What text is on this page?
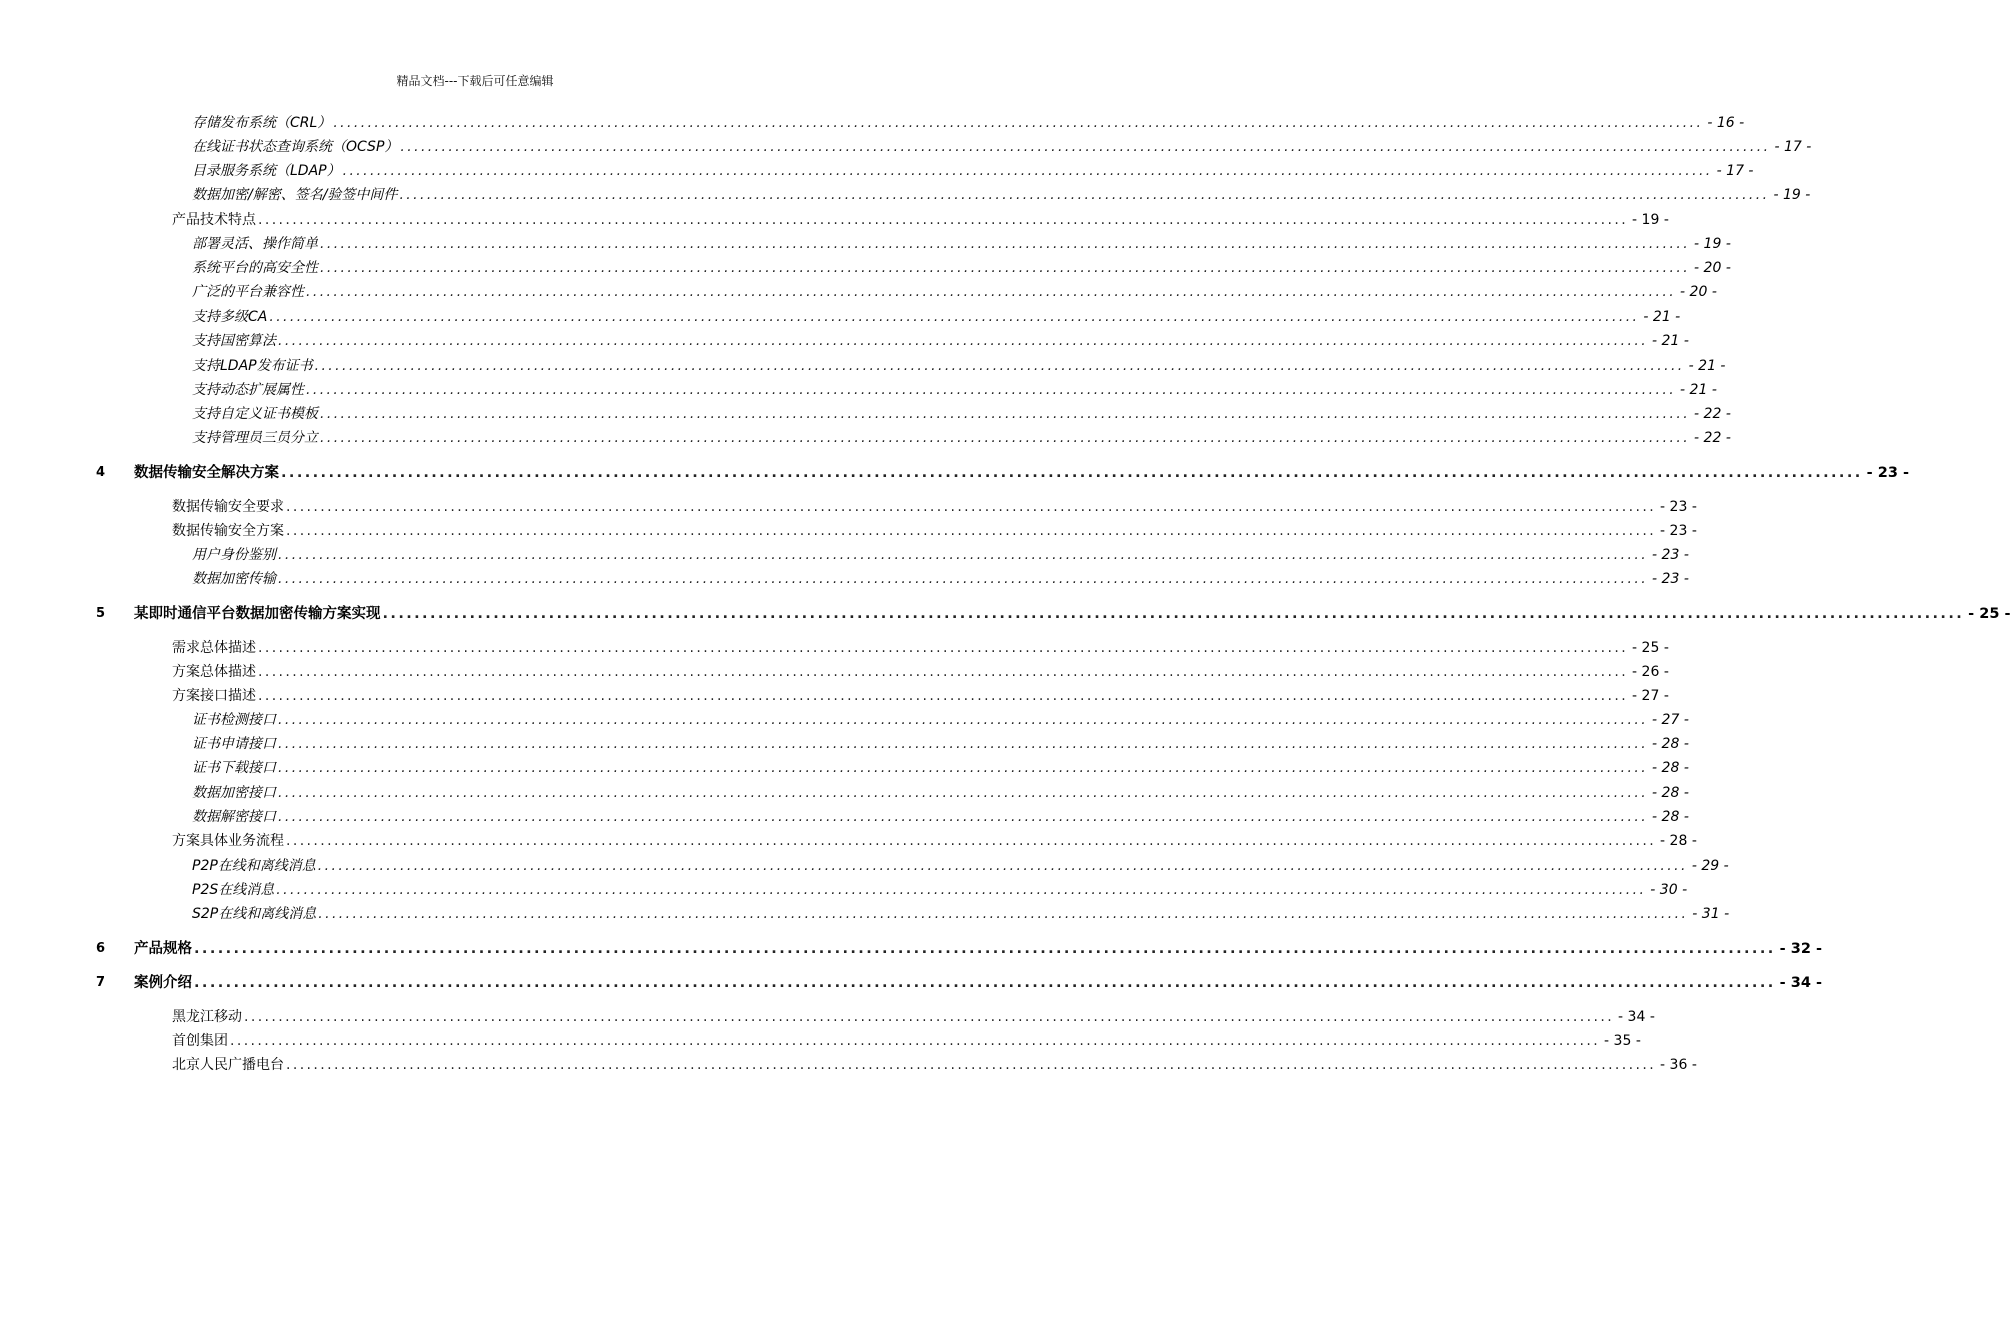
精品文档---下载后可任意编辑
存储发布系统（CRL） ........................................................................................................................................................................................................ - 16 -
在线证书状态查询系统（OCSP） ........................................................................................................................................................................................................ - 17 -
目录服务系统（LDAP） ........................................................................................................................................................................................................ - 17 -
数据加密/解密、签名/验签中间件 ........................................................................................................................................................................................................ - 19 -
产品技术特点 ........................................................................................................................................................................................................ - 19 -
部署灵活、操作简单 ........................................................................................................................................................................................................ - 19 -
系统平台的高安全性 ........................................................................................................................................................................................................ - 20 -
广泛的平台兼容性 ........................................................................................................................................................................................................ - 20 -
支持多级CA ........................................................................................................................................................................................................ - 21 -
支持国密算法 ........................................................................................................................................................................................................ - 21 -
支持LDAP发布证书 ........................................................................................................................................................................................................ - 21 -
支持动态扩展属性 ........................................................................................................................................................................................................ - 21 -
支持自定义证书模板 ........................................................................................................................................................................................................ - 22 -
支持管理员三员分立 ........................................................................................................................................................................................................ - 22 -
4 数据传输安全解决方案 ........................................................................................................................................................................................................ - 23 -
数据传输安全要求 ........................................................................................................................................................................................................ - 23 -
数据传输安全方案 ........................................................................................................................................................................................................ - 23 -
用户身份鉴别 ........................................................................................................................................................................................................ - 23 -
数据加密传输 ........................................................................................................................................................................................................ - 23 -
5 某即时通信平台数据加密传输方案实现 ........................................................................................................................................................................................................ - 25 -
需求总体描述 ........................................................................................................................................................................................................ - 25 -
方案总体描述 ........................................................................................................................................................................................................ - 26 -
方案接口描述 ........................................................................................................................................................................................................ - 27 -
证书检测接口 ........................................................................................................................................................................................................ - 27 -
证书申请接口 ........................................................................................................................................................................................................ - 28 -
证书下载接口 ........................................................................................................................................................................................................ - 28 -
数据加密接口 ........................................................................................................................................................................................................ - 28 -
数据解密接口 ........................................................................................................................................................................................................ - 28 -
方案具体业务流程 ........................................................................................................................................................................................................ - 28 -
P2P在线和离线消息 ........................................................................................................................................................................................................ - 29 -
P2S在线消息 ........................................................................................................................................................................................................ - 30 -
S2P在线和离线消息 ........................................................................................................................................................................................................ - 31 -
6 产品规格 ........................................................................................................................................................................................................ - 32 -
7 案例介绍 ........................................................................................................................................................................................................ - 34 -
黑龙江移动 ........................................................................................................................................................................................................ - 34 -
首创集团 ........................................................................................................................................................................................................ - 35 -
北京人民广播电台 ........................................................................................................................................................................................................ - 36 -
